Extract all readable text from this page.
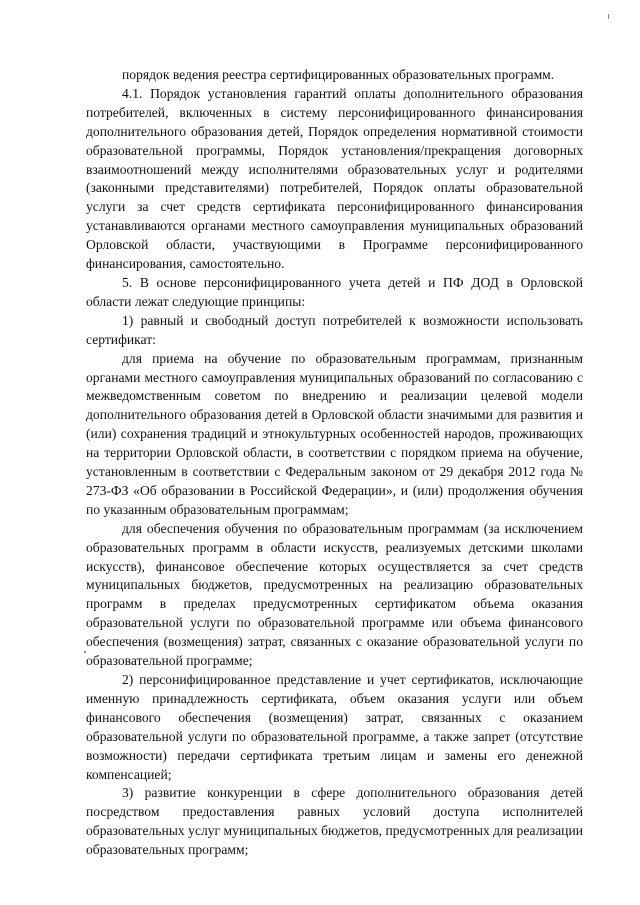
порядок ведения реестра сертифицированных образовательных программ.

4.1. Порядок установления гарантий оплаты дополнительного образования потребителей, включенных в систему персонифицированного финансирования дополнительного образования детей, Порядок определения нормативной стоимости образовательной программы, Порядок установления/прекращения договорных взаимоотношений между исполнителями образовательных услуг и родителями (законными представителями) потребителей, Порядок оплаты образовательной услуги за счет средств сертификата персонифицированного финансирования устанавливаются органами местного самоуправления муниципальных образований Орловской области, участвующими в Программе персонифицированного финансирования, самостоятельно.

5. В основе персонифицированного учета детей и ПФ ДОД в Орловской области лежат следующие принципы:

1) равный и свободный доступ потребителей к возможности использовать сертификат:

для приема на обучение по образовательным программам, признанным органами местного самоуправления муниципальных образований по согласованию с межведомственным советом по внедрению и реализации целевой модели дополнительного образования детей в Орловской области значимыми для развития и (или) сохранения традиций и этнокультурных особенностей народов, проживающих на территории Орловской области, в соответствии с порядком приема на обучение, установленным в соответствии с Федеральным законом от 29 декабря 2012 года № 273-ФЗ «Об образовании в Российской Федерации», и (или) продолжения обучения по указанным образовательным программам;

для обеспечения обучения по образовательным программам (за исключением образовательных программ в области искусств, реализуемых детскими школами искусств), финансовое обеспечение которых осуществляется за счет средств муниципальных бюджетов, предусмотренных на реализацию образовательных программ в пределах предусмотренных сертификатом объема оказания образовательной услуги по образовательной программе или объема финансового обеспечения (возмещения) затрат, связанных с оказание образовательной услуги по образовательной программе;

2) персонифицированное представление и учет сертификатов, исключающие именную принадлежность сертификата, объем оказания услуги или объем финансового обеспечения (возмещения) затрат, связанных с оказанием образовательной услуги по образовательной программе, а также запрет (отсутствие возможности) передачи сертификата третьим лицам и замены его денежной компенсацией;

3) развитие конкуренции в сфере дополнительного образования детей посредством предоставления равных условий доступа исполнителей образовательных услуг муниципальных бюджетов, предусмотренных для реализации образовательных программ;
